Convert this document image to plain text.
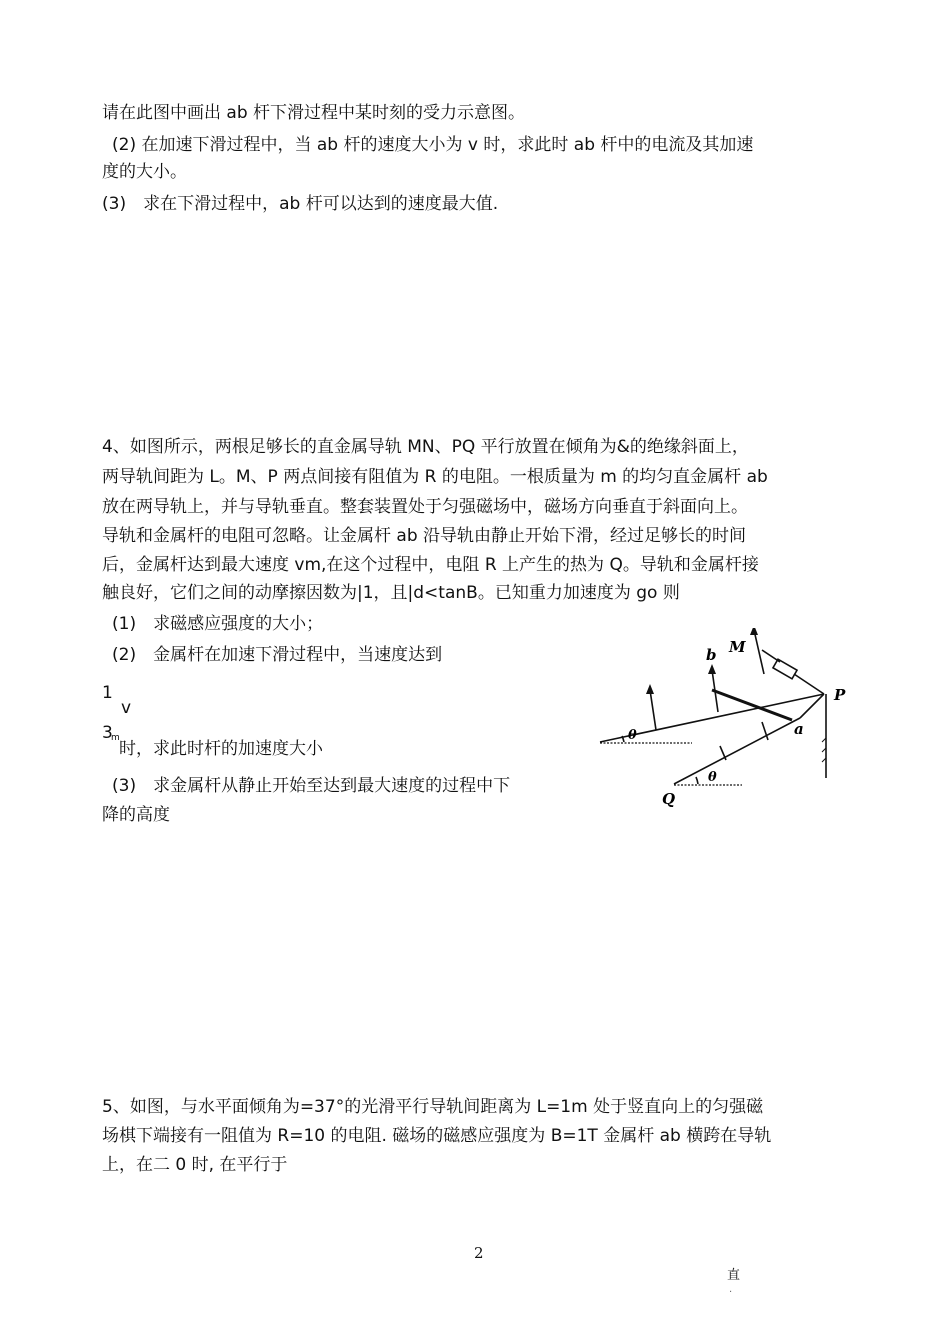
请在此图中画出 ab 杆下滑过程中某时刻的受力示意图。
(2) 在加速下滑过程中，当 ab 杆的速度大小为 v 时，求此时 ab 杆中的电流及其加速
度的大小。
(3)　求在下滑过程中，ab 杆可以达到的速度最大值.
4、如图所示，两根足够长的直金属导轨 MN、PQ 平行放置在倾角为&的绝缘斜面上，
两导轨间距为 L。M、P 两点间接有阻值为 R 的电阻。一根质量为 m 的均匀直金属杆 ab
放在两导轨上，并与导轨垂直。整套装置处于匀强磁场中，磁场方向垂直于斜面向上。
导轨和金属杆的电阻可忽略。让金属杆 ab 沿导轨由静止开始下滑，经过足够长的时间
后，金属杆达到最大速度 vm,在这个过程中，电阻 R 上产生的热为 Q。导轨和金属杆接
触良好，它们之间的动摩擦因数为|1，且|d<tanB。已知重力加速度为 go 则
(1)　求磁感应强度的大小；
(2)　金属杆在加速下滑过程中，当速度达到
1
v
3
m
时，求此时杆的加速度大小
(3)　求金属杆从静止开始至达到最大速度的过程中下
降的高度
b M
P
a
Q
θ
θ
5、如图，与水平面倾角为=37°的光滑平行导轨间距离为 L=1m 处于竖直向上的匀强磁
场棋下端接有一阻值为 R=10 的电阻. 磁场的磁感应强度为 B=1T 金属杆 ab 横跨在导轨
上，在二 0 时, 在平行于
2
直
.
